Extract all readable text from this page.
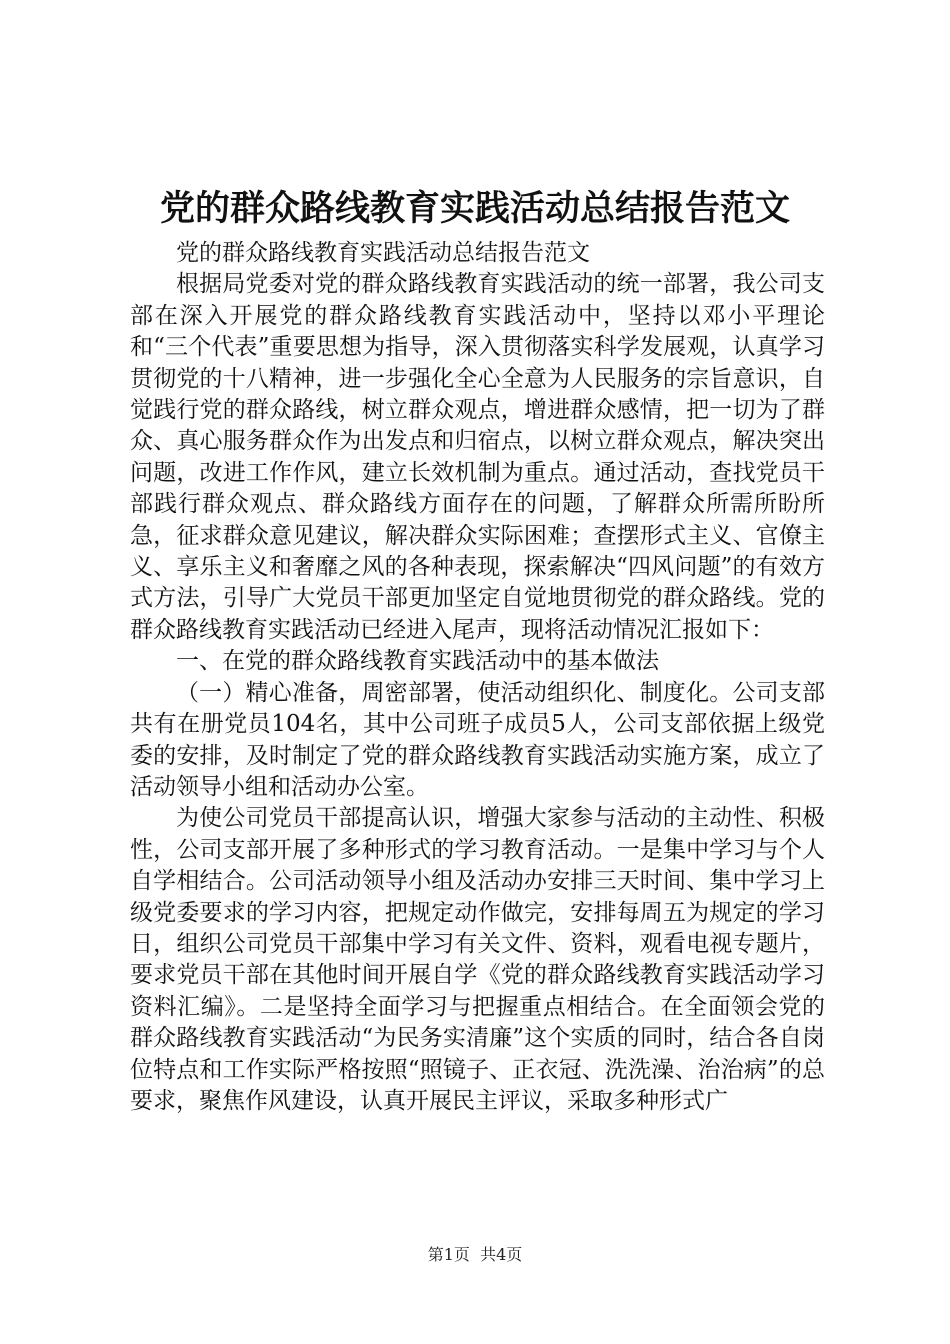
党的群众路线教育实践活动总结报告范文

党的群众路线教育实践活动总结报告范文

根据局党委对党的群众路线教育实践活动的统一部署，我公司支部在深入开展党的群众路线教育实践活动中，坚持以邓小平理论和“三个代表”重要思想为指导，深入贯彻落实科学发展观，认真学习贯彻党的十八精神，进一步强化全心全意为人民服务的宗旨意识，自觉践行党的群众路线，树立群众观点，增进群众感情，把一切为了群众、真心服务群众作为出发点和归宿点，以树立群众观点，解决突出问题，改进工作作风，建立长效机制为重点。通过活动，查找党员干部践行群众观点、群众路线方面存在的问题，了解群众所需所盼所急，征求群众意见建议，解决群众实际困难；查摆形式主义、官僚主义、享乐主义和奢靡之风的各种表现，探索解决“四风问题”的有效方式方法，引导广大党员干部更加坚定自觉地贯彻党的群众路线。党的群众路线教育实践活动已经进入尾声，现将活动情况汇报如下：

一、在党的群众路线教育实践活动中的基本做法

（一）精心准备，周密部署，使活动组织化、制度化。公司支部共有在册党员104名，其中公司班子成员5人，公司支部依据上级党委的安排，及时制定了党的群众路线教育实践活动实施方案，成立了活动领导小组和活动办公室。

为使公司党员干部提高认识，增强大家参与活动的主动性、积极性，公司支部开展了多种形式的学习教育活动。一是集中学习与个人自学相结合。公司活动领导小组及活动办安排三天时间、集中学习上级党委要求的学习内容，把规定动作做完，安排每周五为规定的学习日，组织公司党员干部集中学习有关文件、资料，观看电视专题片，要求党员干部在其他时间开展自学《党的群众路线教育实践活动学习资料汇编》。二是坚持全面学习与把握重点相结合。在全面领会党的群众路线教育实践活动“为民务实清廉”这个实质的同时，结合各自岗位特点和工作实际严格按照“照镜子、正衣冠、洗洗澡、治治病”的总要求，聚焦作风建设，认真开展民主评议，采取多种形式广

第1页 共4页
